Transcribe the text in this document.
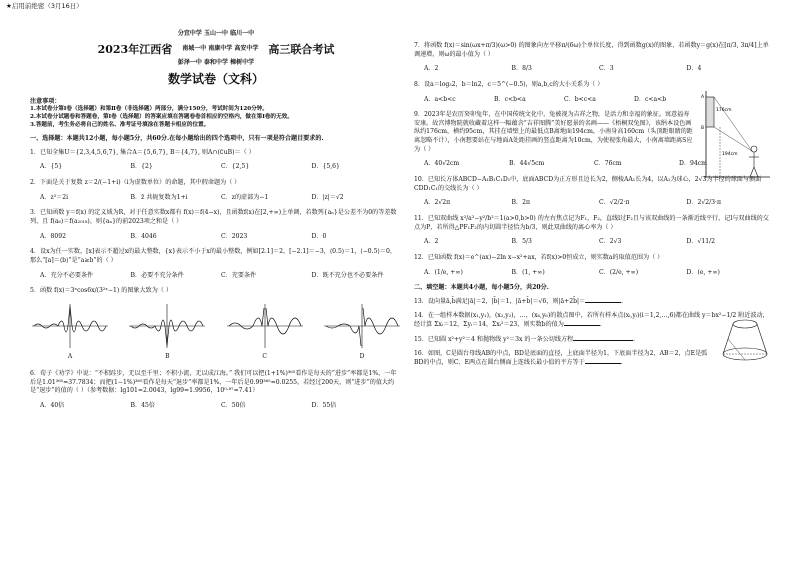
★启用前绝密（3月16日）
分宜中学 玉山一中 临川一中
2023年江西省 南城一中 南康中学 高安中学 高三联合考试
彭泽一中 泰和中学 樟树中学
数学试卷（文科）
注意事项：
1.本试卷分第Ⅰ卷（选择题）和第Ⅱ卷（非选择题）两部分，满分150分，考试时间为120分钟。
2.本试卷分试题卷和答题卷，第Ⅰ卷（选择题）的答案应填在答题卷卷首相应的空格内，做在第Ⅰ卷的无效。
3.答题前，考生务必将自己的姓名、准考证号填涂在答题卡相应的位置。
一、选择题：本题共12小题，每小题5分，共60分.在每小题给出的四个选项中，只有一项是符合题目要求的.
1．已知全集U＝{2,3,4,5,6,7}, 集合A＝{5,6,7}, B＝{4,7}, 则A∩(∁uB)＝（ ）
A．{5}	B．{2}	C．{2,5}	D．{5,6}
2．下面是关于复数 z＝2/(−1+i)（i为虚数单位）的命题，其中假命题为（ ）
A．z²＝2i	B．z̄ 共轭复数为1+i	C．z的虚部为−1	D．|z|＝√2
3．已知函数 y＝f(x) 的定义域为R，对于任意实数x都有 f(x)＝f(4−x)，且函数f(x)在[2,+∞)上单调，若数列{aₙ}是公差不为0的等差数列，且 f(a₆)＝f(a₂₀₁₈)，则{aₙ}的前2023项之和是（ ）
A．8092	B．4046	C．2023	D．0
4．设x为任一实数，[x]表示不超过x的最大整数，{x}表示不小于x的最小整数，例如[2.1]＝2，[−2.1]＝−3，⟨0.5⟩＝1，⟨−0.5⟩＝0，那么“[a]＝⟨b⟩”是“a≥b”的（ ）
A．充分不必要条件	B．必要不充分条件	C．充要条件	D．既不充分也不必要条件
5．函数 f(x)＝3ˣcos6x/(3²ˣ−1) 的图象大致为（ ）
A	B	C	D
6．荀子《劝学》中说：“不积跬步，无以至千里；不积小流，无以成江海。” 我们可以把(1+1%)³⁶⁵看作是每天的“进步”率都是1%，一年后是1.01³⁶⁵≈37.7834；而把(1−1%)³⁶⁵看作是每天“退步”率都是1%，一年后是0.99³⁶⁵≈0.0255。若经过200天，则“进步”的值大约是“退步”的值的（ ）（参考数据：lg101≈2.0043，lg99≈1.9956，10⁰·⁸⁷≈7.41）
A．40倍	B．45倍	C．50倍	D．55倍
7．将函数 f(x)＝sin(ωx+π/3)(ω>0) 的图象向左平移π/(6ω)个单位长度，得到函数g(x)的图象，若函数y＝g(x)在[π/3, 3π/4]上单调递增，则ω的最小值为（ ）
A．2	B．8/3	C．3	D．4
8．设a＝log₃2，b＝ln2，c＝5^(−0.5)，则a,b,c的大小关系为（ ）
A．a<b<c	B．c<b<a	C．b<c<a	D．c<a<b
9．2023年是农历癸卯兔年，在中国传统文化中，兔被视为吉祥之物，是活力和幸福的象征。寓意福寿安康。故宫博物院就收藏着这样一幅蕴含“吉祥图腾”美好愿景的名画——《梧桐双兔图》，该绢本设色画纵约176cm，横约95cm，其挂在墙壁上的最低点B离地面194cm，小南身高160cm（头顶距眼睛的距离忽略不计），小南想要站在与地面A处距挂画的竖直距离为10cm，为使视张角最大，小南离墙距离S应为（ ）
176cm
194cm
A
B
A．40√2cm	B．44√5cm	C．76cm	D．94cm
10．已知长方体ABCD−A₁B₁C₁D₁中，底面ABCD为正方形且边长为2，侧棱AA₁长为4，以A₁为球心，2√3为半径的球面与侧面CDD₁C₁的交线长为（ ）
A．2√2π	B．2π	C．√2/2·π	D．2√2/3·π
11．已知双曲线 x²/a²−y²/b²＝1(a>0,b>0) 的左右焦点记为F₁，F₂，直线l过F₂且与该双曲线的一条渐近线平行，记l与双曲线的交点为P，若所得△PF₁F₂的内切圆半径恰为b/3，则此双曲线的离心率为（ ）
A．2	B．5/3	C．2√3	D．√11/2
12．已知函数 f(x)＝e^(ax)−2ln x−x²+ax，若f(x)>0恒成立，则实数a的取值范围为（ ）
A．(1/e, +∞)	B．(1, +∞)	C．(2/e, +∞)	D．(e, +∞)
二、填空题：本题共4小题，每小题5分，共20分.
13．设向量ā,b̄满足|ā|＝2，|b̄|＝1，|ā+b̄|＝√6，则|ā+2b̄|＝	.
14．在一组样本数据(x₁,y₁)，(x₂,y₂)，…，(x₆,y₆)的散点图中，若所有样本点(xᵢ,yᵢ)(i＝1,2,…,6)都在曲线 y＝bx²−1/2 附近波动，经计算 Σxᵢ＝12，Σyᵢ＝14，Σxᵢ²＝23，则实数b的值为	.
15．已知圆 x²+y²＝4 和抛物线 y²＝3x 的一条公切线方程	.
16．如图，C是圆台母线AB的中点，BD是底面的直径，上底面半径为1，下底面半径为2，AB＝2，点E是弧BD的中点，则C、E两点在圆台侧面上连线长最小值的平方等于	.
